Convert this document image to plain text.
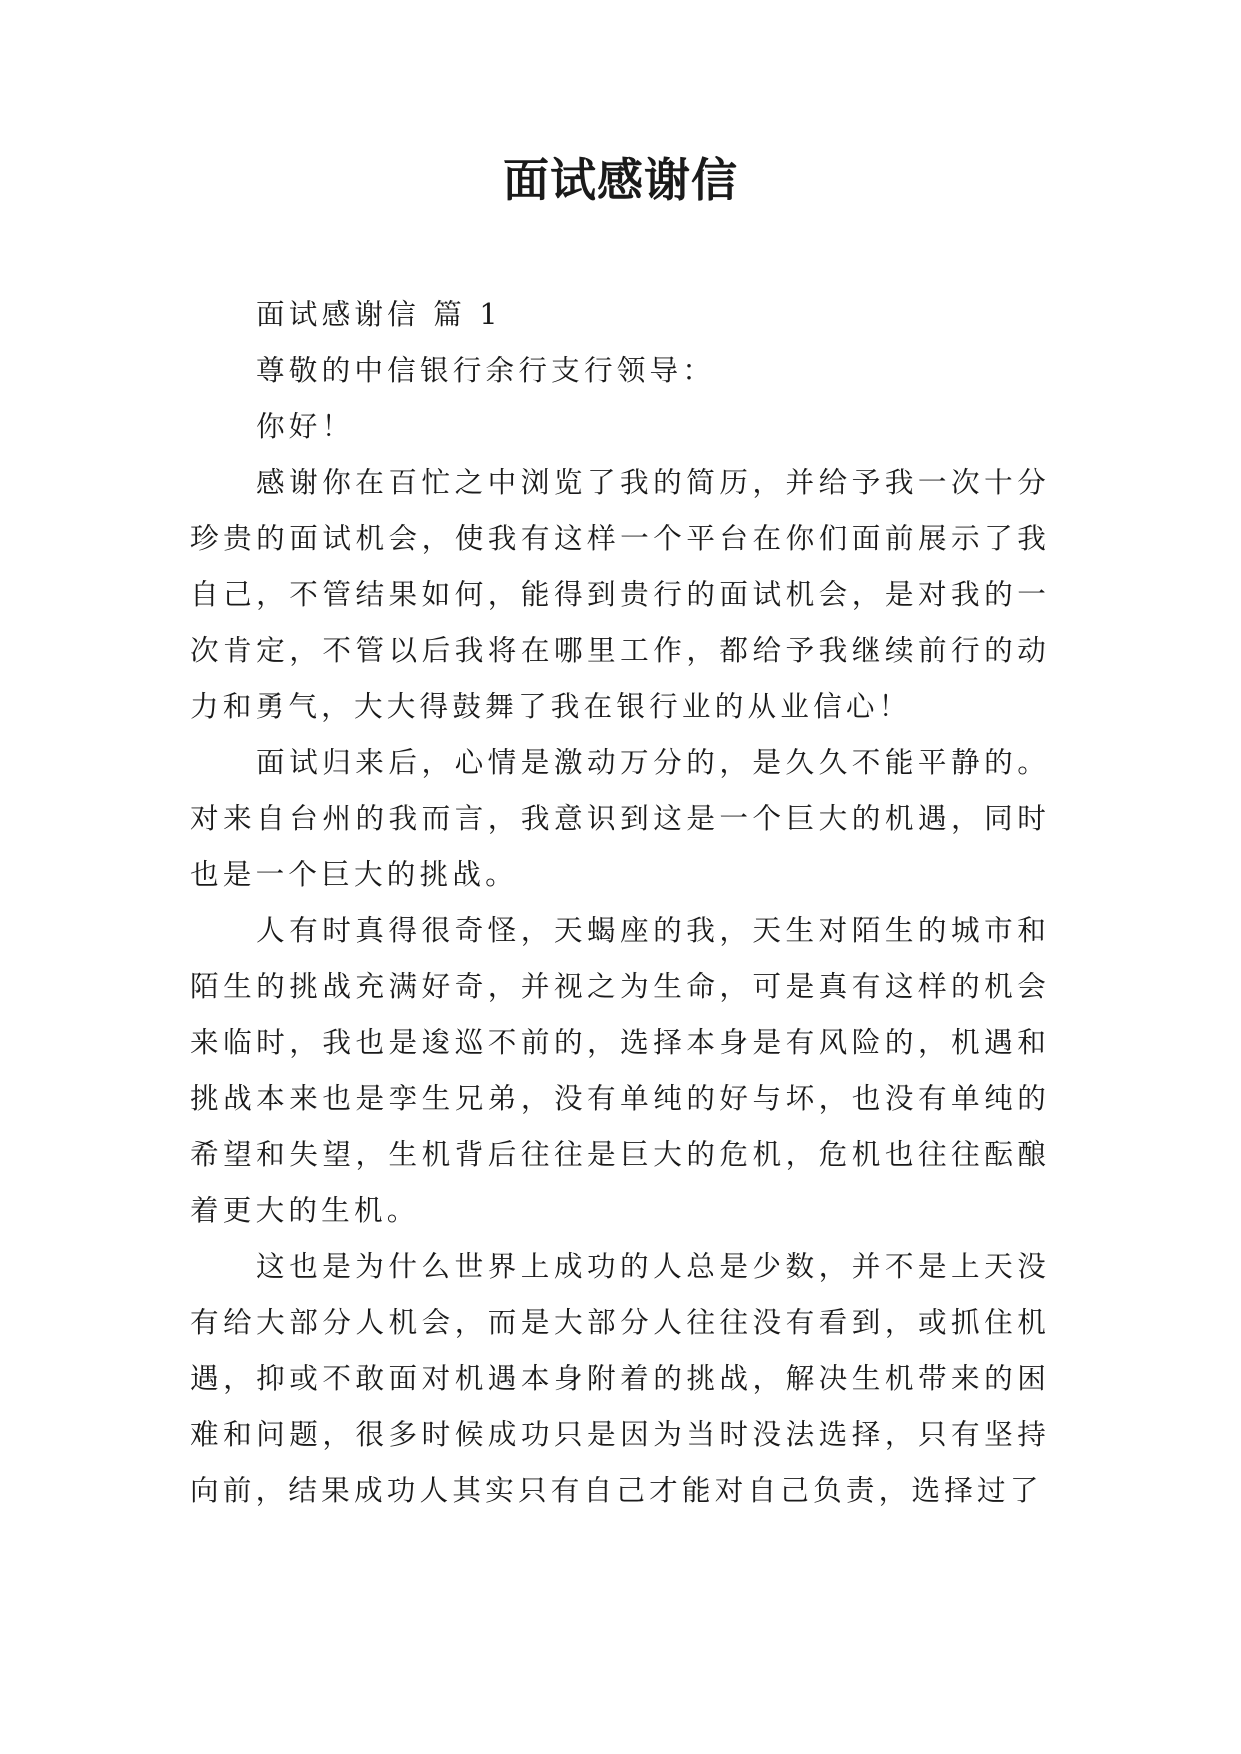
面试感谢信

面试感谢信 篇 1

尊敬的中信银行余行支行领导：

你好！

感谢你在百忙之中浏览了我的简历，并给予我一次十分珍贵的面试机会，使我有这样一个平台在你们面前展示了我自己，不管结果如何，能得到贵行的面试机会，是对我的一次肯定，不管以后我将在哪里工作，都给予我继续前行的动力和勇气，大大得鼓舞了我在银行业的从业信心！

面试归来后，心情是激动万分的，是久久不能平静的。对来自台州的我而言，我意识到这是一个巨大的机遇，同时也是一个巨大的挑战。

人有时真得很奇怪，天蝎座的我，天生对陌生的城市和陌生的挑战充满好奇，并视之为生命，可是真有这样的机会来临时，我也是逡巡不前的，选择本身是有风险的，机遇和挑战本来也是孪生兄弟，没有单纯的好与坏，也没有单纯的希望和失望，生机背后往往是巨大的危机，危机也往往酝酿着更大的生机。

这也是为什么世界上成功的人总是少数，并不是上天没有给大部分人机会，而是大部分人往往没有看到，或抓住机遇，抑或不敢面对机遇本身附着的挑战，解决生机带来的困难和问题，很多时候成功只是因为当时没法选择，只有坚持向前，结果成功人其实只有自己才能对自己负责，选择过了
